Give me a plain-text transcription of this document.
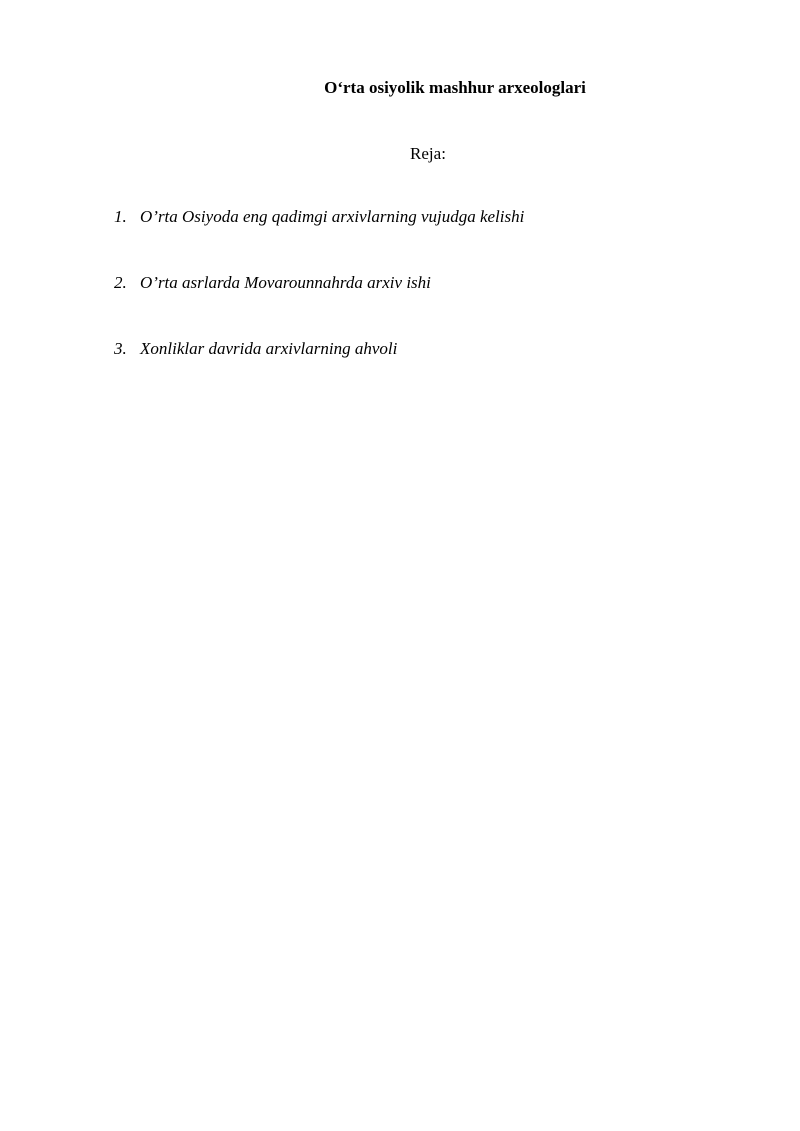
O‘rta osiyolik mashhur arxeologlari
Reja:
1. O’rta Osiyoda eng qadimgi arxivlarning vujudga kelishi
2. O’rta asrlarda Movarounnahrda arxiv ishi
3. Xonliklar davrida arxivlarning ahvoli
